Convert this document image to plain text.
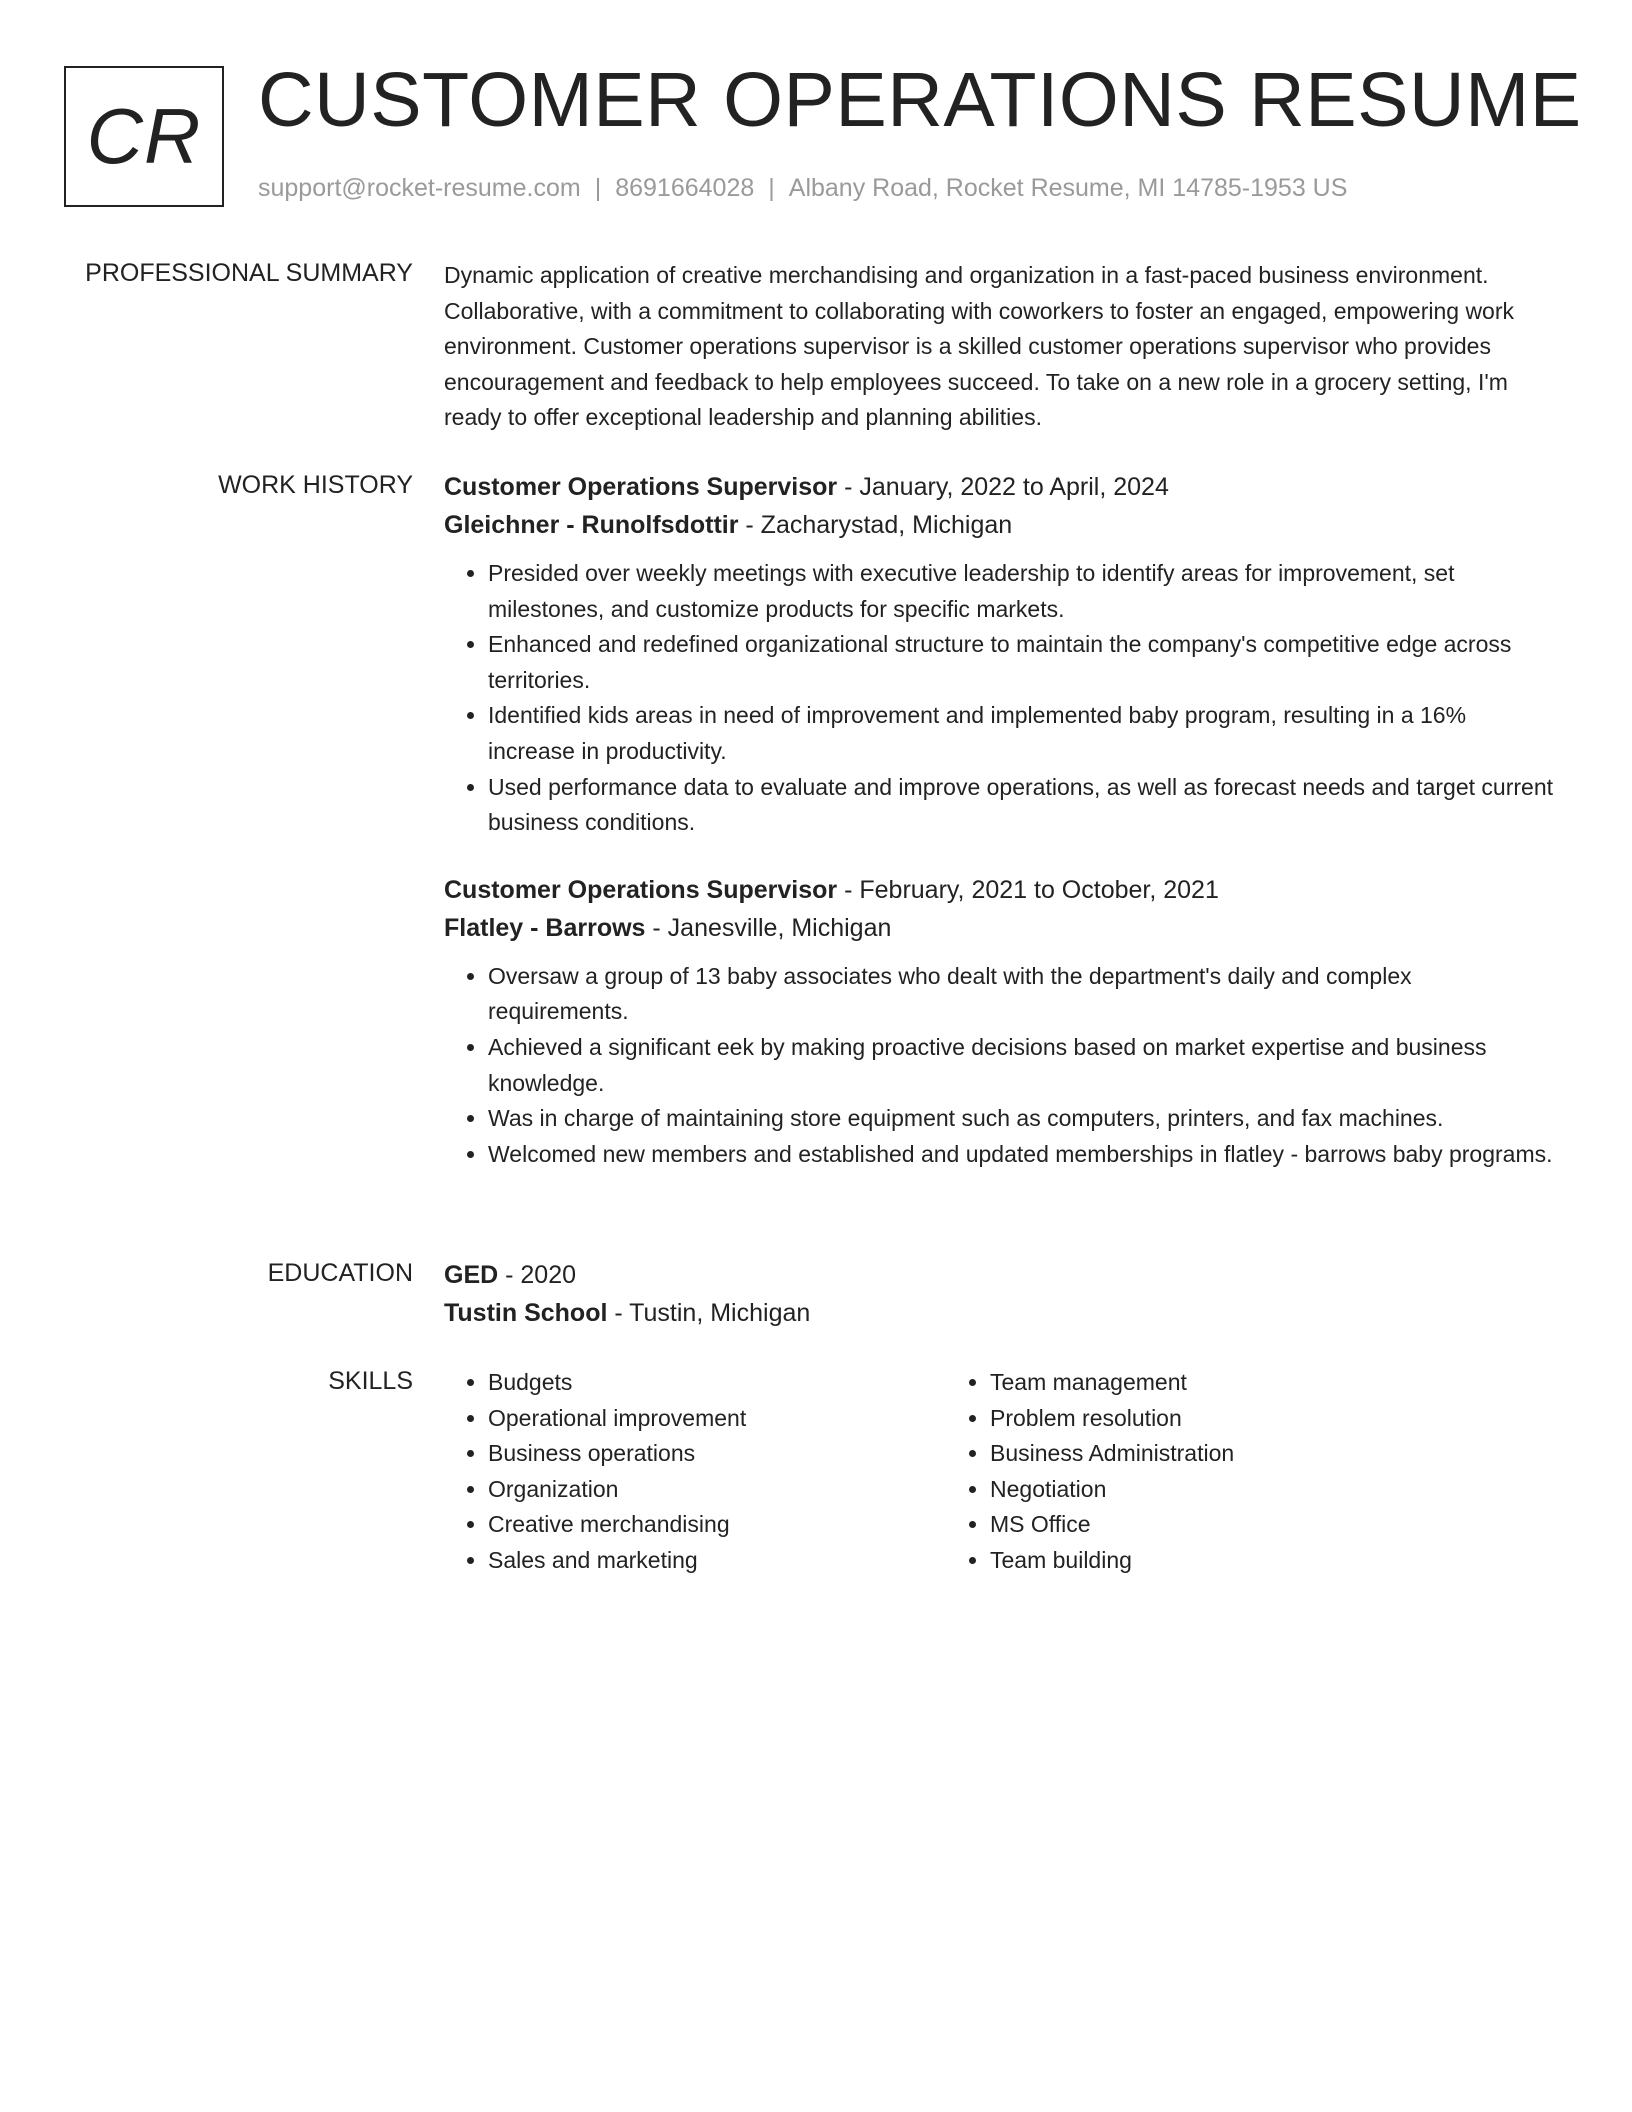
CR CUSTOMER OPERATIONS RESUME
support@rocket-resume.com | 8691664028 | Albany Road, Rocket Resume, MI 14785-1953 US
PROFESSIONAL SUMMARY Dynamic application of creative merchandising and organization in a fast-paced business environment. Collaborative, with a commitment to collaborating with coworkers to foster an engaged, empowering work environment. Customer operations supervisor is a skilled customer operations supervisor who provides encouragement and feedback to help employees succeed. To take on a new role in a grocery setting, I'm ready to offer exceptional leadership and planning abilities.

WORK HISTORY Customer Operations Supervisor - January, 2022 to April, 2024

Gleichner - Runolfsdottir - Zacharystad, Michigan

• Presided over weekly meetings with executive leadership to identify areas for improvement, set milestones, and customize products for specific markets.
• Enhanced and redefined organizational structure to maintain the company's competitive edge across territories.
• Identified kids areas in need of improvement and implemented baby program, resulting in a 16% increase in productivity.
• Used performance data to evaluate and improve operations, as well as forecast needs and target current business conditions.

Customer Operations Supervisor - February, 2021 to October, 2021

Flatley - Barrows - Janesville, Michigan

• Oversaw a group of 13 baby associates who dealt with the department's daily and complex requirements.
• Achieved a significant eek by making proactive decisions based on market expertise and business knowledge.
• Was in charge of maintaining store equipment such as computers, printers, and fax machines.
• Welcomed new members and established and updated memberships in flatley - barrows baby programs.
EDUCATION GED - 2020

Tustin School - Tustin, Michigan

SKILLS
•	Budgets
• Operational improvement
• Business operations
• Organization
• Creative merchandising
• Sales and marketing
• Team management
• Problem resolution
• Business Administration
• Negotiation
• MS Office
• Team building
